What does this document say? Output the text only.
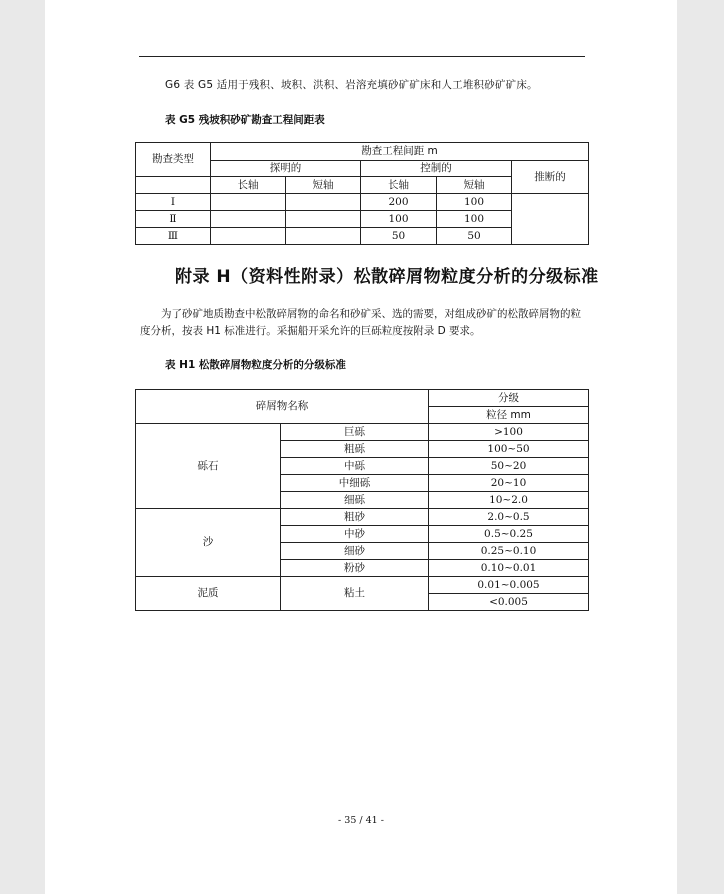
G6 表 G5 适用于残积、坡积、洪积、岩溶充填砂矿矿床和人工堆积砂矿矿床。
表 G5 残坡积砂矿勘查工程间距表
勘查类型	勘查工程间距 m				
	探明的		控制的		推断的
	长轴	短轴	长轴	短轴	
Ⅰ			200	100	
Ⅱ			100	100	
Ⅲ			50	50	
附录 H（资料性附录）松散碎屑物粒度分析的分级标准
为了砂矿地质勘查中松散碎屑物的命名和砂矿采、选的需要，对组成砂矿的松散碎屑物的粒度分析，按表 H1 标准进行。采掘船开采允许的巨砾粒度按附录 D 要求。
表 H1 松散碎屑物粒度分析的分级标准
碎屑物名称		分级
		粒径 mm
砾石	巨砾	>100
	粗砾	100~50
	中砾	50~20
	中细砾	20~10
	细砾	10~2.0
沙	粗砂	2.0~0.5
	中砂	0.5~0.25
	细砂	0.25~0.10
	粉砂	0.10~0.01
泥质	粘土	0.01~0.005
		<0.005
- 35 / 41 -
